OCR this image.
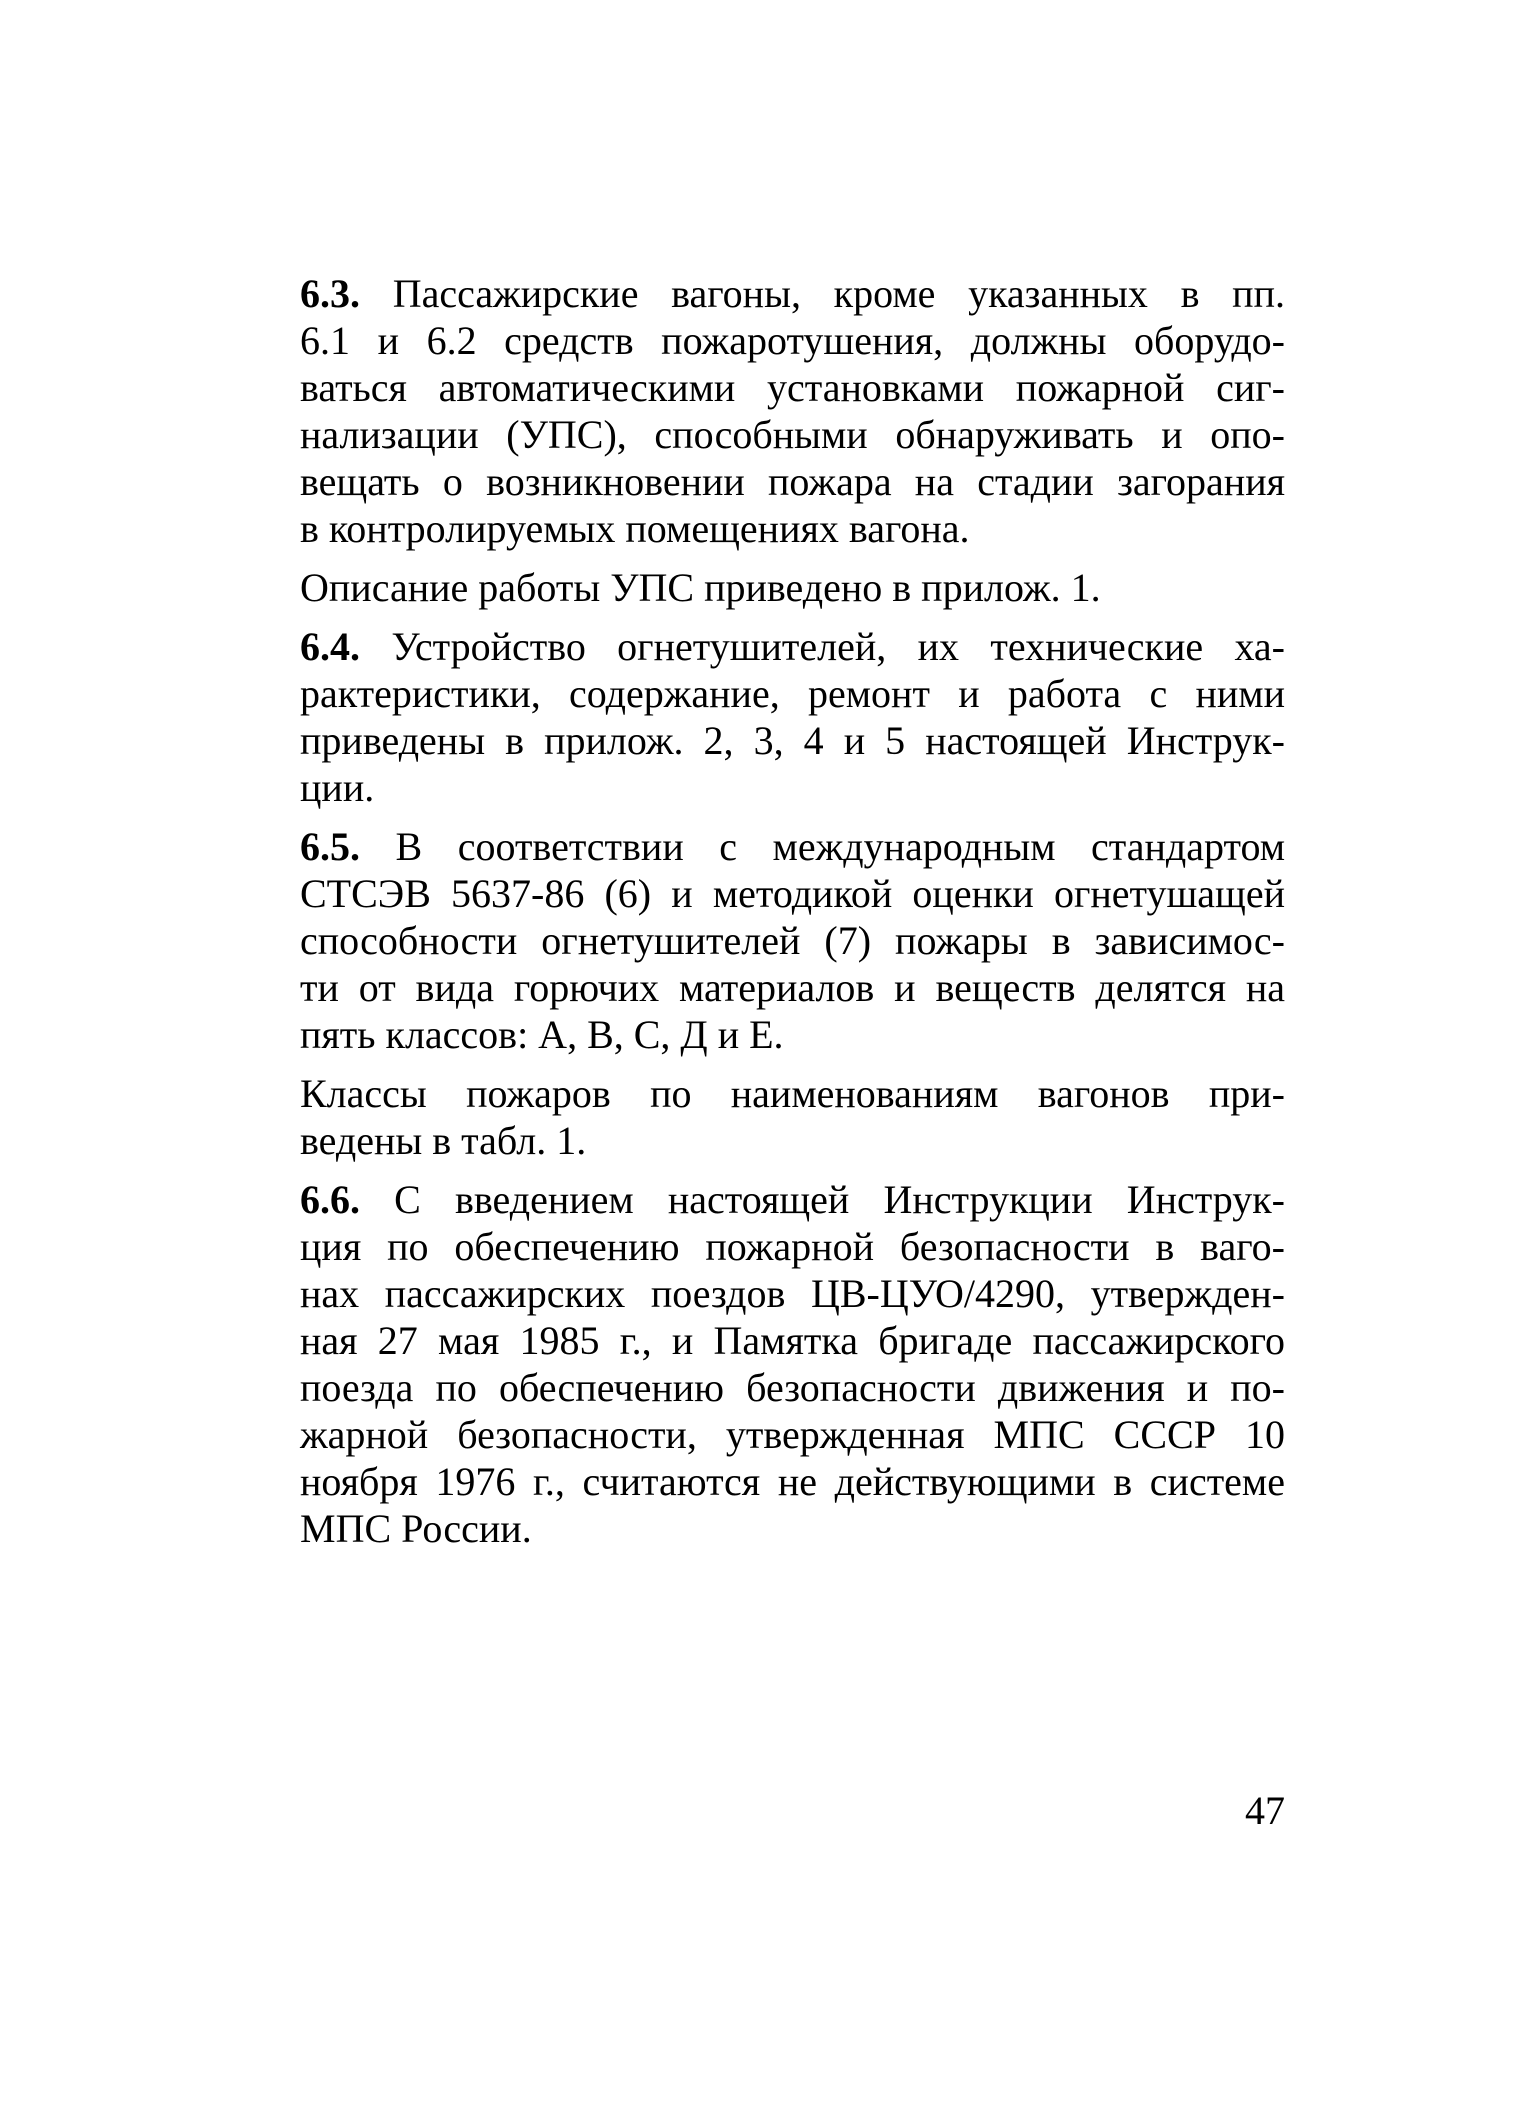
6.3. Пассажирские вагоны, кроме указанных в пп.
6.1 и 6.2 средств пожаротушения, должны оборудо-
ваться автоматическими установками пожарной сиг-
нализации (УПС), способными обнаруживать и опо-
вещать о возникновении пожара на стадии загорания
в контролируемых помещениях вагона.
Описание работы УПС приведено в прилож. 1.
6.4. Устройство огнетушителей, их технические ха-
рактеристики, содержание, ремонт и работа с ними
приведены в прилож. 2, 3, 4 и 5 настоящей Инструк-
ции.
6.5. В соответствии с международным стандартом
СТСЭВ 5637-86 (6) и методикой оценки огнетушащей
способности огнетушителей (7) пожары в зависимос-
ти от вида горючих материалов и веществ делятся на
пять классов: А, В, С, Д и Е.
Классы пожаров по наименованиям вагонов при-
ведены в табл. 1.
6.6. С введением настоящей Инструкции Инструк-
ция по обеспечению пожарной безопасности в ваго-
нах пассажирских поездов ЦВ-ЦУО/4290, утвержден-
ная 27 мая 1985 г., и Памятка бригаде пассажирского
поезда по обеспечению безопасности движения и по-
жарной безопасности, утвержденная МПС СССР 10
ноября 1976 г., считаются не действующими в системе
МПС России.
47
